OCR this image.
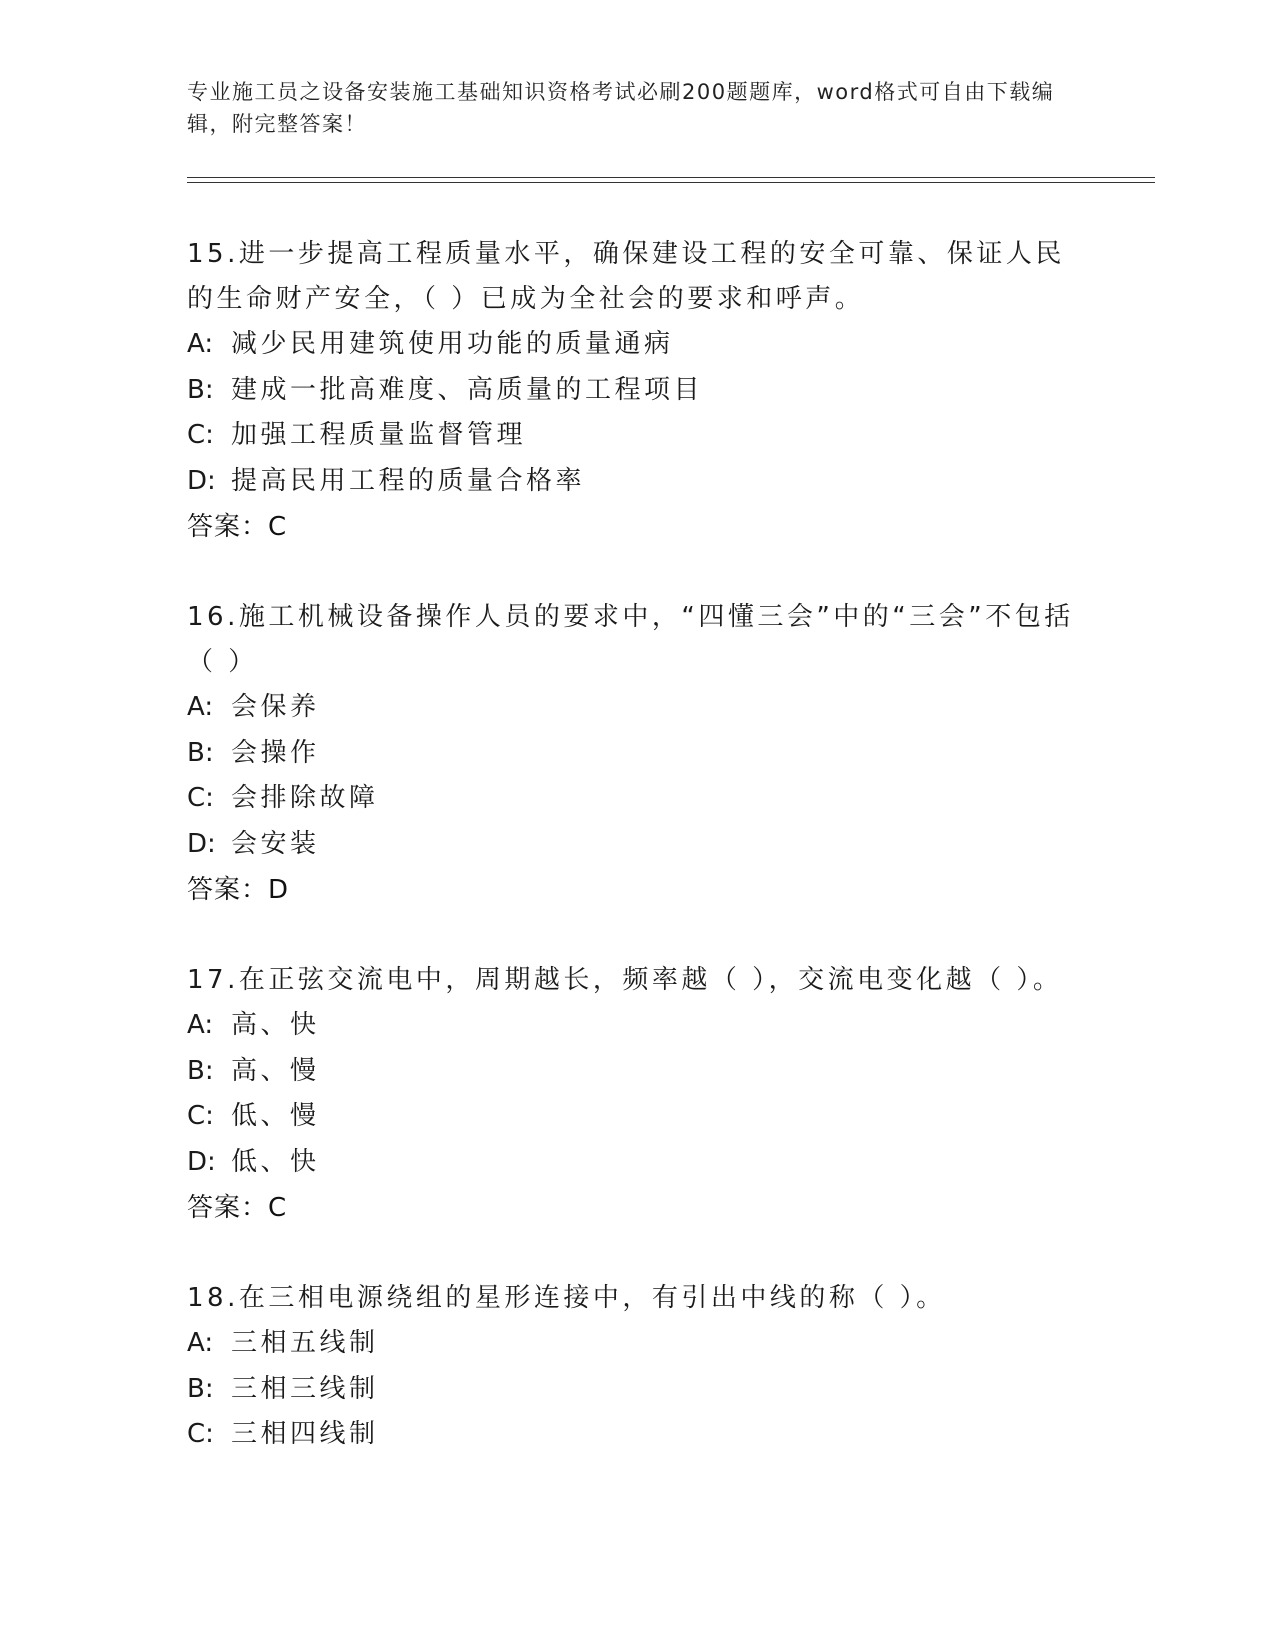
专业施工员之设备安装施工基础知识资格考试必刷200题题库，word格式可自由下载编辑，附完整答案！

15.进一步提高工程质量水平，确保建设工程的安全可靠、保证人民的生命财产安全，（ ）已成为全社会的要求和呼声。

A: 减少民用建筑使用功能的质量通病

B: 建成一批高难度、高质量的工程项目

C: 加强工程质量监督管理

D: 提高民用工程的质量合格率

答案：C

16.施工机械设备操作人员的要求中，“四懂三会”中的“三会”不包括（ ）

A: 会保养

B: 会操作

C: 会排除故障

D: 会安装

答案：D

17.在正弦交流电中，周期越长，频率越（ ），交流电变化越（ ）。

A: 高、快

B: 高、慢

C: 低、慢

D: 低、快

答案：C

18.在三相电源绕组的星形连接中，有引出中线的称（ ）。

A: 三相五线制

B: 三相三线制

C: 三相四线制
